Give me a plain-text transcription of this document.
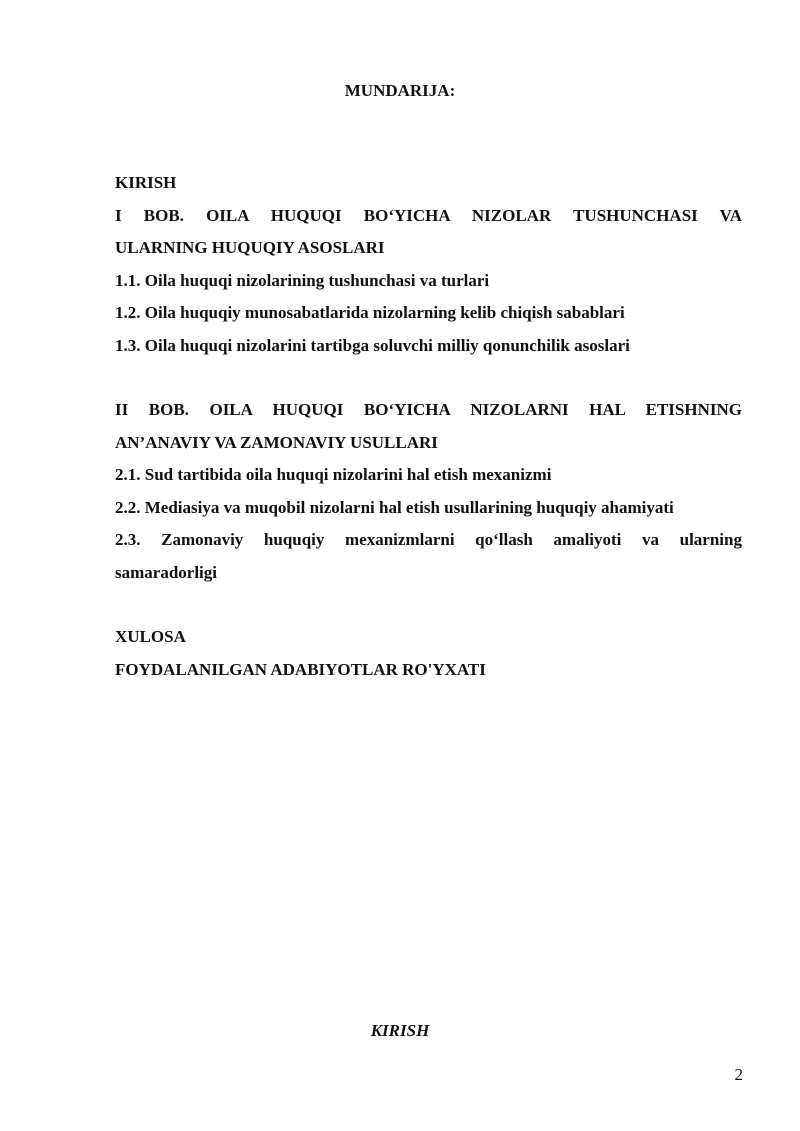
MUNDARIJA:

KIRISH

I BOB. OILA HUQUQI BO‘YICHA NIZOLAR TUSHUNCHASI VA

ULARNING HUQUQIY ASOSLARI

1.1. Oila huquqi nizolarining tushunchasi va turlari

1.2. Oila huquqiy munosabatlarida nizolarning kelib chiqish sabablari

1.3. Oila huquqi nizolarini tartibga soluvchi milliy qonunchilik asoslari

II BOB. OILA HUQUQI BO‘YICHA NIZOLARNI HAL ETISHNING

AN’ANAVIY VA ZAMONAVIY USULLARI

2.1. Sud tartibida oila huquqi nizolarini hal etish mexanizmi

2.2. Mediasiya va muqobil nizolarni hal etish usullarining huquqiy ahamiyati

2.3. Zamonaviy huquqiy mexanizmlarni qo‘llash amaliyoti va ularning

samaradorligi

XULOSA

FOYDALANILGAN ADABIYOTLAR RO'YXATI

KIRISH
2
